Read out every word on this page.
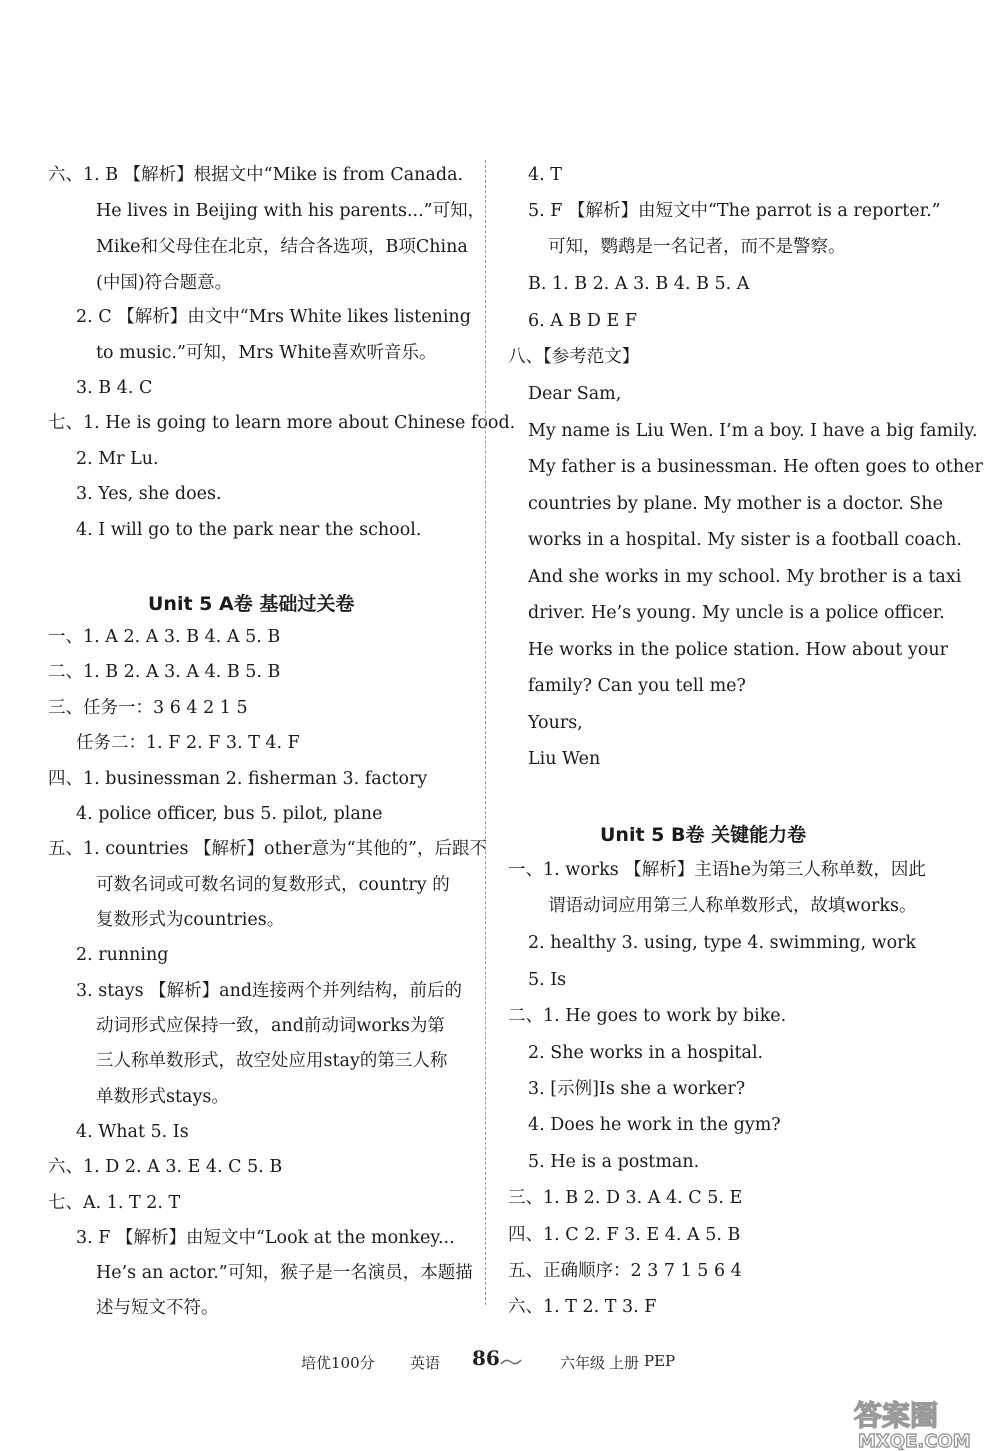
六、1. B 【解析】根据文中“Mike is from Canada.
He lives in Beijing with his parents...”可知，
Mike和父母住在北京，结合各选项，B项China
(中国)符合题意。
2. C 【解析】由文中“Mrs White likes listening
to music.”可知，Mrs White喜欢听音乐。
3. B 4. C
七、1. He is going to learn more about Chinese food.
2. Mr Lu.
3. Yes, she does.
4. I will go to the park near the school.
一、1. A 2. A 3. B 4. A 5. B
二、1. B 2. A 3. A 4. B 5. B
三、任务一：3 6 4 2 1 5
任务二：1. F 2. F 3. T 4. F
四、1. businessman 2. fisherman 3. factory
4. police officer, bus 5. pilot, plane
五、1. countries 【解析】other意为“其他的”，后跟不
可数名词或可数名词的复数形式，country 的
复数形式为countries。
2. running
3. stays 【解析】and连接两个并列结构，前后的
动词形式应保持一致，and前动词works为第
三人称单数形式，故空处应用stay的第三人称
单数形式stays。
4. What 5. Is
六、1. D 2. A 3. E 4. C 5. B
七、A. 1. T 2. T
3. F 【解析】由短文中“Look at the monkey...
He’s an actor.”可知，猴子是一名演员，本题描
述与短文不符。
4. T
5. F 【解析】由短文中“The parrot is a reporter.”
可知，鹦鹉是一名记者，而不是警察。
B. 1. B 2. A 3. B 4. B 5. A
6. A B D E F
八、【参考范文】
Dear Sam,
My name is Liu Wen. I’m a boy. I have a big family.
My father is a businessman. He often goes to other
countries by plane. My mother is a doctor. She
works in a hospital. My sister is a football coach.
And she works in my school. My brother is a taxi
driver. He’s young. My uncle is a police officer.
He works in the police station. How about your
family? Can you tell me?
Yours,
Liu Wen
一、1. works 【解析】主语he为第三人称单数，因此
谓语动词应用第三人称单数形式，故填works。
2. healthy 3. using, type 4. swimming, work
5. Is
二、1. He goes to work by bike.
2. She works in a hospital.
3. [示例]Is she a worker?
4. Does he work in the gym?
5. He is a postman.
三、1. B 2. D 3. A 4. C 5. E
四、1. C 2. F 3. E 4. A 5. B
五、正确顺序：2 3 7 1 5 6 4
六、1. T 2. T 3. F
Unit 5 A卷 基础过关卷
Unit 5 B卷 关键能力卷
培优100分 英语 86	六年级 上册 PEP
答案圈
MXQE.COM
